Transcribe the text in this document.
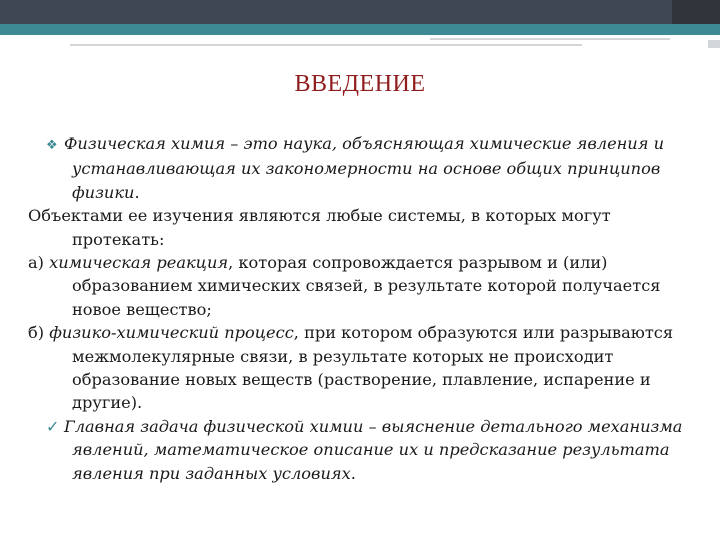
ВВЕДЕНИЕ
❖ Физическая химия – это наука, объясняющая химические явления и устанавливающая их закономерности на основе общих принципов физики.
Объектами ее изучения являются любые системы, в которых могут протекать:
а) химическая реакция, которая сопровождается разрывом и (или) образованием химических связей, в результате которой получается новое вещество;
б) физико-химический процесс, при котором образуются или разрываются межмолекулярные связи, в результате которых не происходит образование новых веществ (растворение, плавление, испарение и другие).
✓ Главная задача физической химии – выяснение детального механизма явлений, математическое описание их и предсказание результата явления при заданных условиях.
